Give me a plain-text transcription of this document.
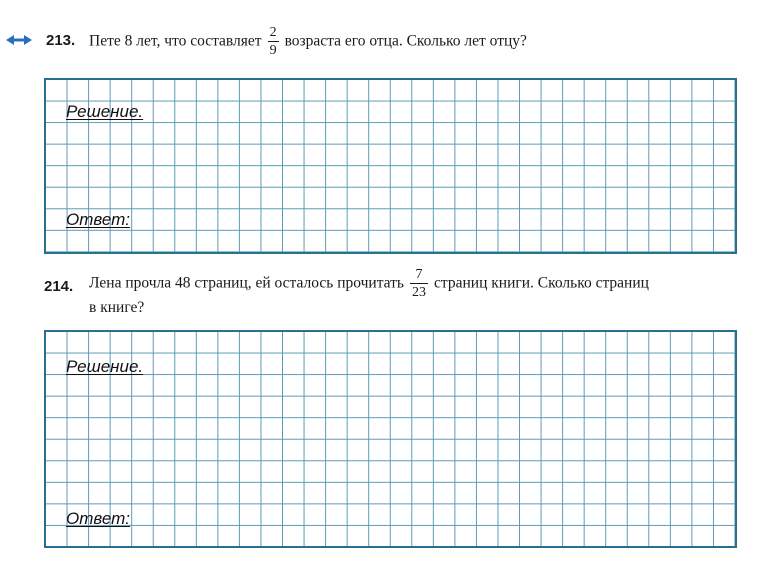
213. Пете 8 лет, что составляет $\frac{2}{9}$ возраста его отца. Сколько лет отцу?
Решение.
Ответ:
214. Лена прочла 48 страниц, ей осталось прочитать $\frac{7}{23}$ страниц книги. Сколько страниц
в книге?
Решение.
Ответ:
